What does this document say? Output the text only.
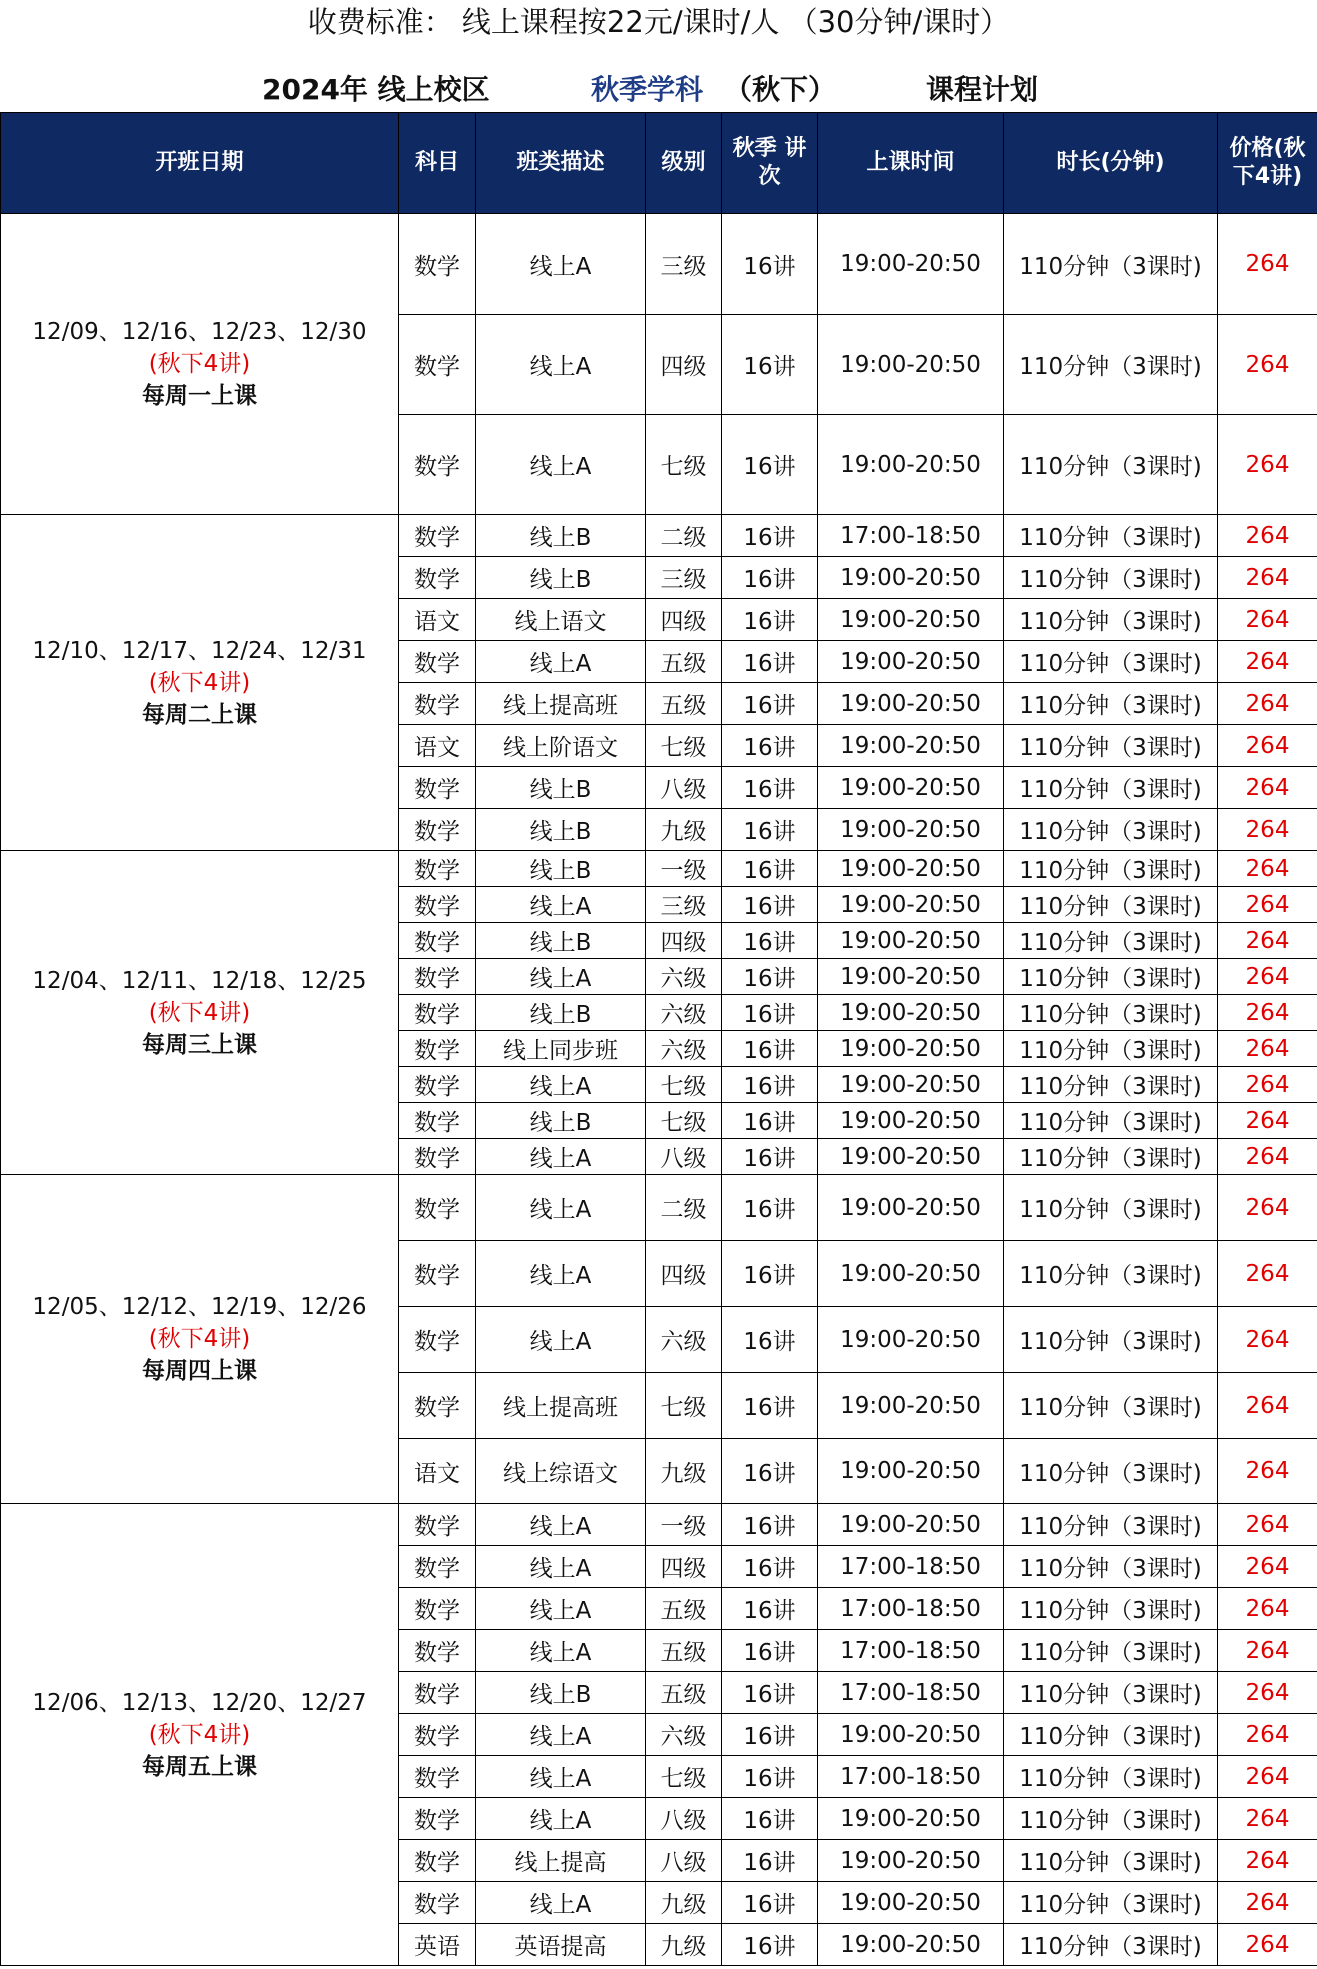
收费标准： 线上课程按22元/课时/人 （30分钟/课时）
2024年 线上校区	秋季学科 （秋下）	课程计划
开班日期	科目	班类描述	级别	秋季 讲次	上课时间	时长(分钟)	价格(秋下4讲)

12/09、12/16、12/23、12/30
(秋下4讲)
每周一上课	数学	线上A	三级	16讲	19:00-20:50	110分钟（3课时)	264
	数学	线上A	四级	16讲	19:00-20:50	110分钟（3课时)	264
	数学	线上A	七级	16讲	19:00-20:50	110分钟（3课时)	264

12/10、12/17、12/24、12/31
(秋下4讲)
每周二上课	数学	线上B	二级	16讲	17:00-18:50	110分钟（3课时)	264
	数学	线上B	三级	16讲	19:00-20:50	110分钟（3课时)	264
	语文	线上语文	四级	16讲	19:00-20:50	110分钟（3课时)	264
	数学	线上A	五级	16讲	19:00-20:50	110分钟（3课时)	264
	数学	线上提高班	五级	16讲	19:00-20:50	110分钟（3课时)	264
	语文	线上阶语文	七级	16讲	19:00-20:50	110分钟（3课时)	264
	数学	线上B	八级	16讲	19:00-20:50	110分钟（3课时)	264
	数学	线上B	九级	16讲	19:00-20:50	110分钟（3课时)	264

12/04、12/11、12/18、12/25
(秋下4讲)
每周三上课	数学	线上B	一级	16讲	19:00-20:50	110分钟（3课时)	264
	数学	线上A	三级	16讲	19:00-20:50	110分钟（3课时)	264
	数学	线上B	四级	16讲	19:00-20:50	110分钟（3课时)	264
	数学	线上A	六级	16讲	19:00-20:50	110分钟（3课时)	264
	数学	线上B	六级	16讲	19:00-20:50	110分钟（3课时)	264
	数学	线上同步班	六级	16讲	19:00-20:50	110分钟（3课时)	264
	数学	线上A	七级	16讲	19:00-20:50	110分钟（3课时)	264
	数学	线上B	七级	16讲	19:00-20:50	110分钟（3课时)	264
	数学	线上A	八级	16讲	19:00-20:50	110分钟（3课时)	264

12/05、12/12、12/19、12/26
(秋下4讲)
每周四上课	数学	线上A	二级	16讲	19:00-20:50	110分钟（3课时)	264
	数学	线上A	四级	16讲	19:00-20:50	110分钟（3课时)	264
	数学	线上A	六级	16讲	19:00-20:50	110分钟（3课时)	264
	数学	线上提高班	七级	16讲	19:00-20:50	110分钟（3课时)	264
	语文	线上综语文	九级	16讲	19:00-20:50	110分钟（3课时)	264

12/06、12/13、12/20、12/27
(秋下4讲)
每周五上课	数学	线上A	一级	16讲	19:00-20:50	110分钟（3课时)	264
	数学	线上A	四级	16讲	17:00-18:50	110分钟（3课时)	264
	数学	线上A	五级	16讲	17:00-18:50	110分钟（3课时)	264
	数学	线上A	五级	16讲	17:00-18:50	110分钟（3课时)	264
	数学	线上B	五级	16讲	17:00-18:50	110分钟（3课时)	264
	数学	线上A	六级	16讲	19:00-20:50	110分钟（3课时)	264
	数学	线上A	七级	16讲	17:00-18:50	110分钟（3课时)	264
	数学	线上A	八级	16讲	19:00-20:50	110分钟（3课时)	264
	数学	线上提高	八级	16讲	19:00-20:50	110分钟（3课时)	264
	数学	线上A	九级	16讲	19:00-20:50	110分钟（3课时)	264
	英语	英语提高	九级	16讲	19:00-20:50	110分钟（3课时)	264
